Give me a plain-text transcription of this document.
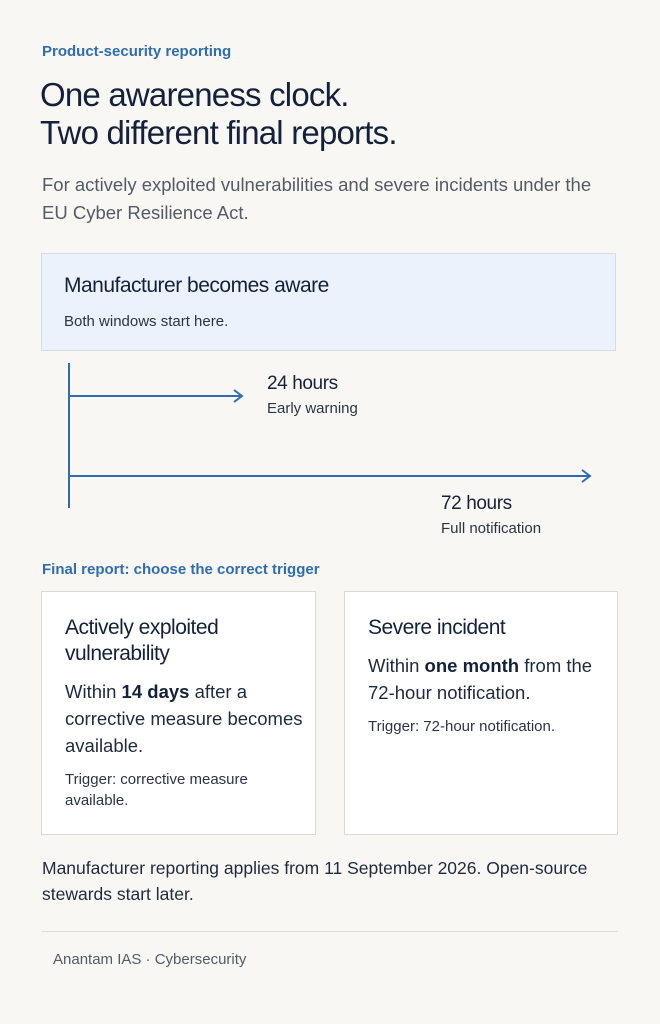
Product-security reporting
One awareness clock.
Two different final reports.

For actively exploited vulnerabilities and severe incidents under the EU Cyber Resilience Act.

Manufacturer becomes aware
Both windows start here.
24 hours
Early warning
72 hours
Full notification
Final report: choose the correct trigger
Actively exploited vulnerability

Within 14 days after a corrective measure becomes available.

Trigger: corrective measure available.

Severe incident

Within one month from the 72-hour notification.

Trigger: 72-hour notification.

Manufacturer reporting applies from 11 September 2026. Open-source stewards start later.

Anantam IAS · Cybersecurity
